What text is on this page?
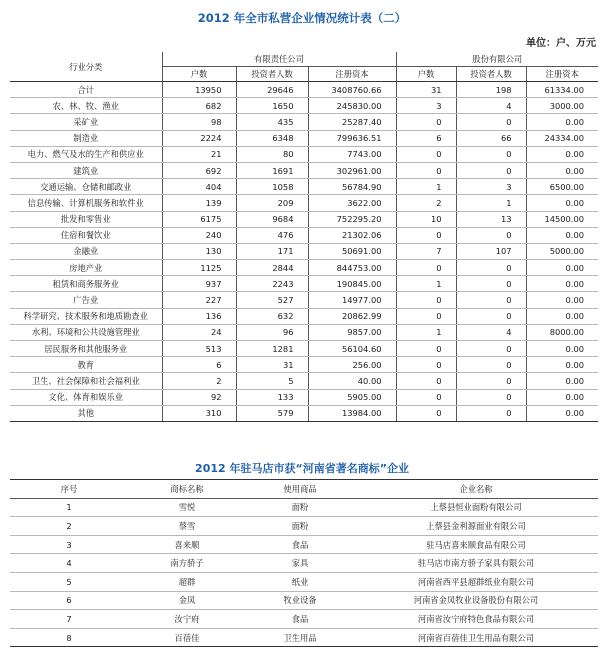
2012 年全市私营企业情况统计表（二）
单位：户、万元
行业分类	有限责任公司			股份有限公司		
	户数	投资者人数	注册资本	户数	投资者人数	注册资本
合计	13950	29646	3408760.66	31	198	61334.00
农、林、牧、渔业	682	1650	245830.00	3	4	3000.00
采矿业	98	435	25287.40	0	0	0.00
制造业	2224	6348	799636.51	6	66	24334.00
电力、燃气及水的生产和供应业	21	80	7743.00	0	0	0.00
建筑业	692	1691	302961.00	0	0	0.00
交通运输、仓储和邮政业	404	1058	56784.90	1	3	6500.00
信息传输、计算机服务和软件业	139	209	3622.00	2	1	0.00
批发和零售业	6175	9684	752295.20	10	13	14500.00
住宿和餐饮业	240	476	21302.06	0	0	0.00
金融业	130	171	50691.00	7	107	5000.00
房地产业	1125	2844	844753.00	0	0	0.00
租赁和商务服务业	937	2243	190845.00	1	0	0.00
广告业	227	527	14977.00	0	0	0.00
科学研究、技术服务和地质勘查业	136	632	20862.99	0	0	0.00
水利、环境和公共设施管理业	24	96	9857.00	1	4	8000.00
居民服务和其他服务业	513	1281	56104.60	0	0	0.00
教育	6	31	256.00	0	0	0.00
卫生、社会保障和社会福利业	2	5	40.00	0	0	0.00
文化、体育和娱乐业	92	133	5905.00	0	0	0.00
其他	310	579	13984.00	0	0	0.00
2012 年驻马店市获“河南省著名商标”企业
序号	商标名称	使用商品	企业名称
1	雪悦	面粉	上蔡县恒业面粉有限公司
2	蔡雪	面粉	上蔡县金利源面业有限公司
3	喜来顺	食品	驻马店喜来顺食品有限公司
4	南方骄子	家具	驻马店市南方骄子家具有限公司
5	超群	纸业	河南省西平县超群纸业有限公司
6	金凤	牧业设备	河南省金凤牧业设备股份有限公司
7	汝宁府	食品	河南省汝宁府特色食品有限公司
8	百蓓佳	卫生用品	河南省百蓓佳卫生用品有限公司
